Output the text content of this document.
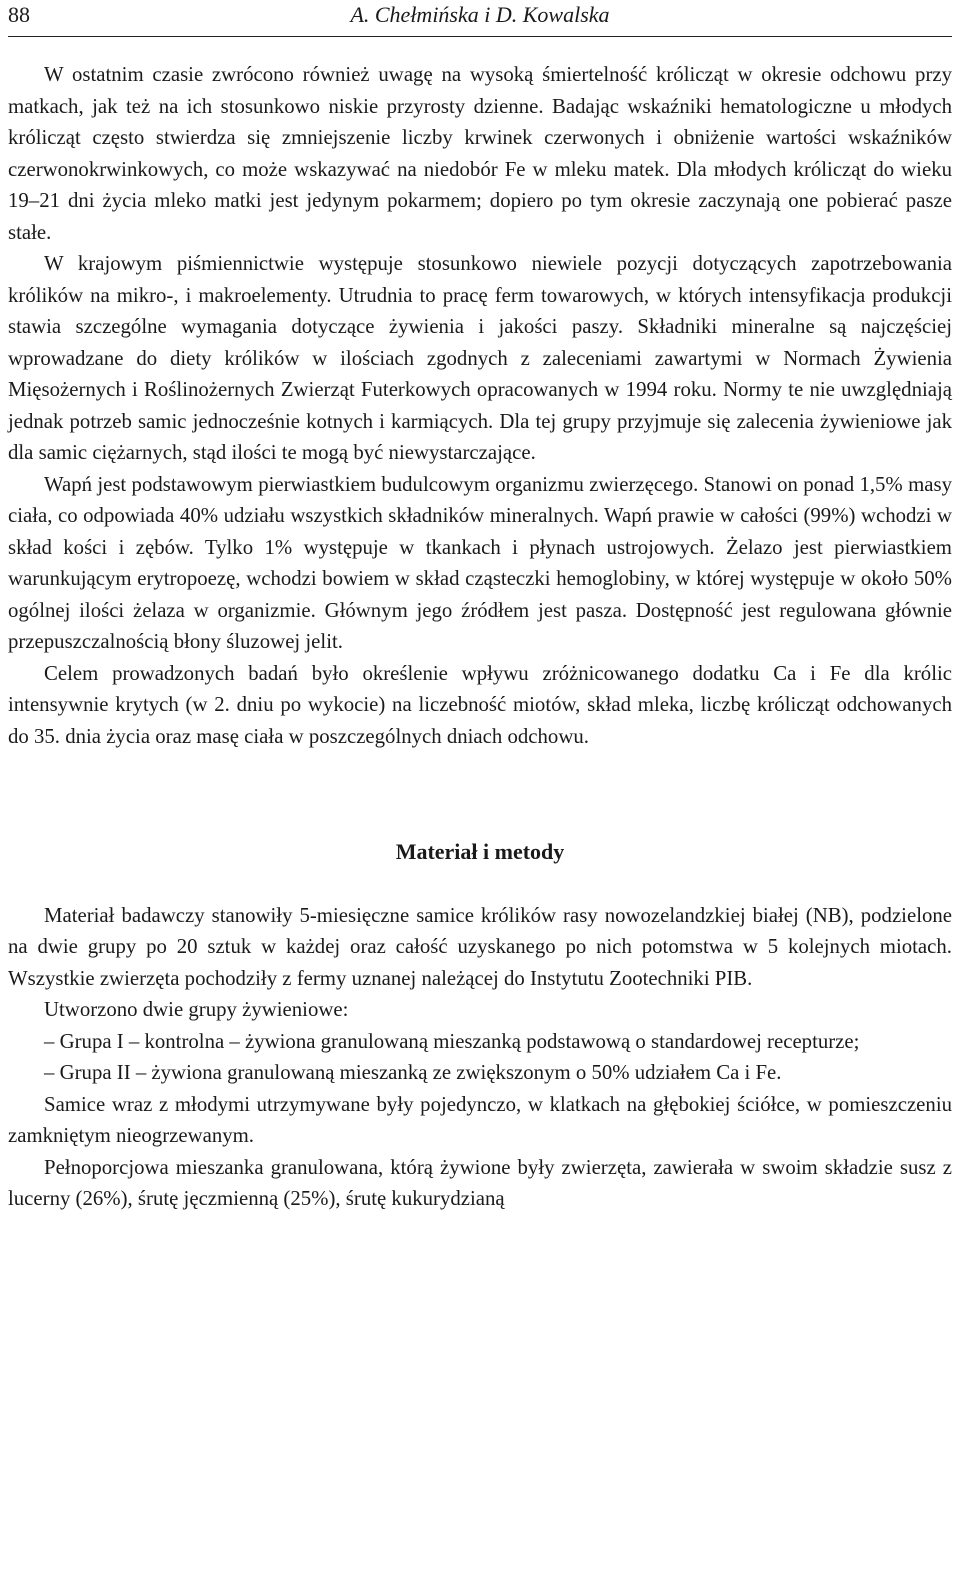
88	A. Chełmińska i D. Kowalska

W ostatnim czasie zwrócono również uwagę na wysoką śmiertelność królicząt w okresie odchowu przy matkach, jak też na ich stosunkowo niskie przyrosty dzienne. Badając wskaźniki hematologiczne u młodych królicząt często stwierdza się zmniejszenie liczby krwinek czerwonych i obniżenie wartości wskaźników czerwonokrwinkowych, co może wskazywać na niedobór Fe w mleku matek. Dla młodych królicząt do wieku 19–21 dni życia mleko matki jest jedynym pokarmem; dopiero po tym okresie zaczynają one pobierać pasze stałe.

W krajowym piśmiennictwie występuje stosunkowo niewiele pozycji dotyczących zapotrzebowania królików na mikro-, i makroelementy. Utrudnia to pracę ferm towarowych, w których intensyfikacja produkcji stawia szczególne wymagania dotyczące żywienia i jakości paszy. Składniki mineralne są najczęściej wprowadzane do diety królików w ilościach zgodnych z zaleceniami zawartymi w Normach Żywienia Mięsożernych i Roślinożernych Zwierząt Futerkowych opracowanych w 1994 roku. Normy te nie uwzględniają jednak potrzeb samic jednocześnie kotnych i karmiących. Dla tej grupy przyjmuje się zalecenia żywieniowe jak dla samic ciężarnych, stąd ilości te mogą być niewystarczające.

Wapń jest podstawowym pierwiastkiem budulcowym organizmu zwierzęcego. Stanowi on ponad 1,5% masy ciała, co odpowiada 40% udziału wszystkich składników mineralnych. Wapń prawie w całości (99%) wchodzi w skład kości i zębów. Tylko 1% występuje w tkankach i płynach ustrojowych. Żelazo jest pierwiastkiem warunkującym erytropoezę, wchodzi bowiem w skład cząsteczki hemoglobiny, w której występuje w około 50% ogólnej ilości żelaza w organizmie. Głównym jego źródłem jest pasza. Dostępność jest regulowana głównie przepuszczalnością błony śluzowej jelit.

Celem prowadzonych badań było określenie wpływu zróżnicowanego dodatku Ca i Fe dla królic intensywnie krytych (w 2. dniu po wykocie) na liczebność miotów, skład mleka, liczbę królicząt odchowanych do 35. dnia życia oraz masę ciała w poszczególnych dniach odchowu.

Materiał i metody

Materiał badawczy stanowiły 5-miesięczne samice królików rasy nowozelandzkiej białej (NB), podzielone na dwie grupy po 20 sztuk w każdej oraz całość uzyskanego po nich potomstwa w 5 kolejnych miotach. Wszystkie zwierzęta pochodziły z fermy uznanej należącej do Instytutu Zootechniki PIB.

Utworzono dwie grupy żywieniowe:

– Grupa I – kontrolna – żywiona granulowaną mieszanką podstawową o standardowej recepturze;

– Grupa II – żywiona granulowaną mieszanką ze zwiększonym o 50% udziałem Ca i Fe.

Samice wraz z młodymi utrzymywane były pojedynczo, w klatkach na głębokiej ściółce, w pomieszczeniu zamkniętym nieogrzewanym.

Pełnoporcjowa mieszanka granulowana, którą żywione były zwierzęta, zawierała w swoim składzie susz z lucerny (26%), śrutę jęczmienną (25%), śrutę kukurydzianą
